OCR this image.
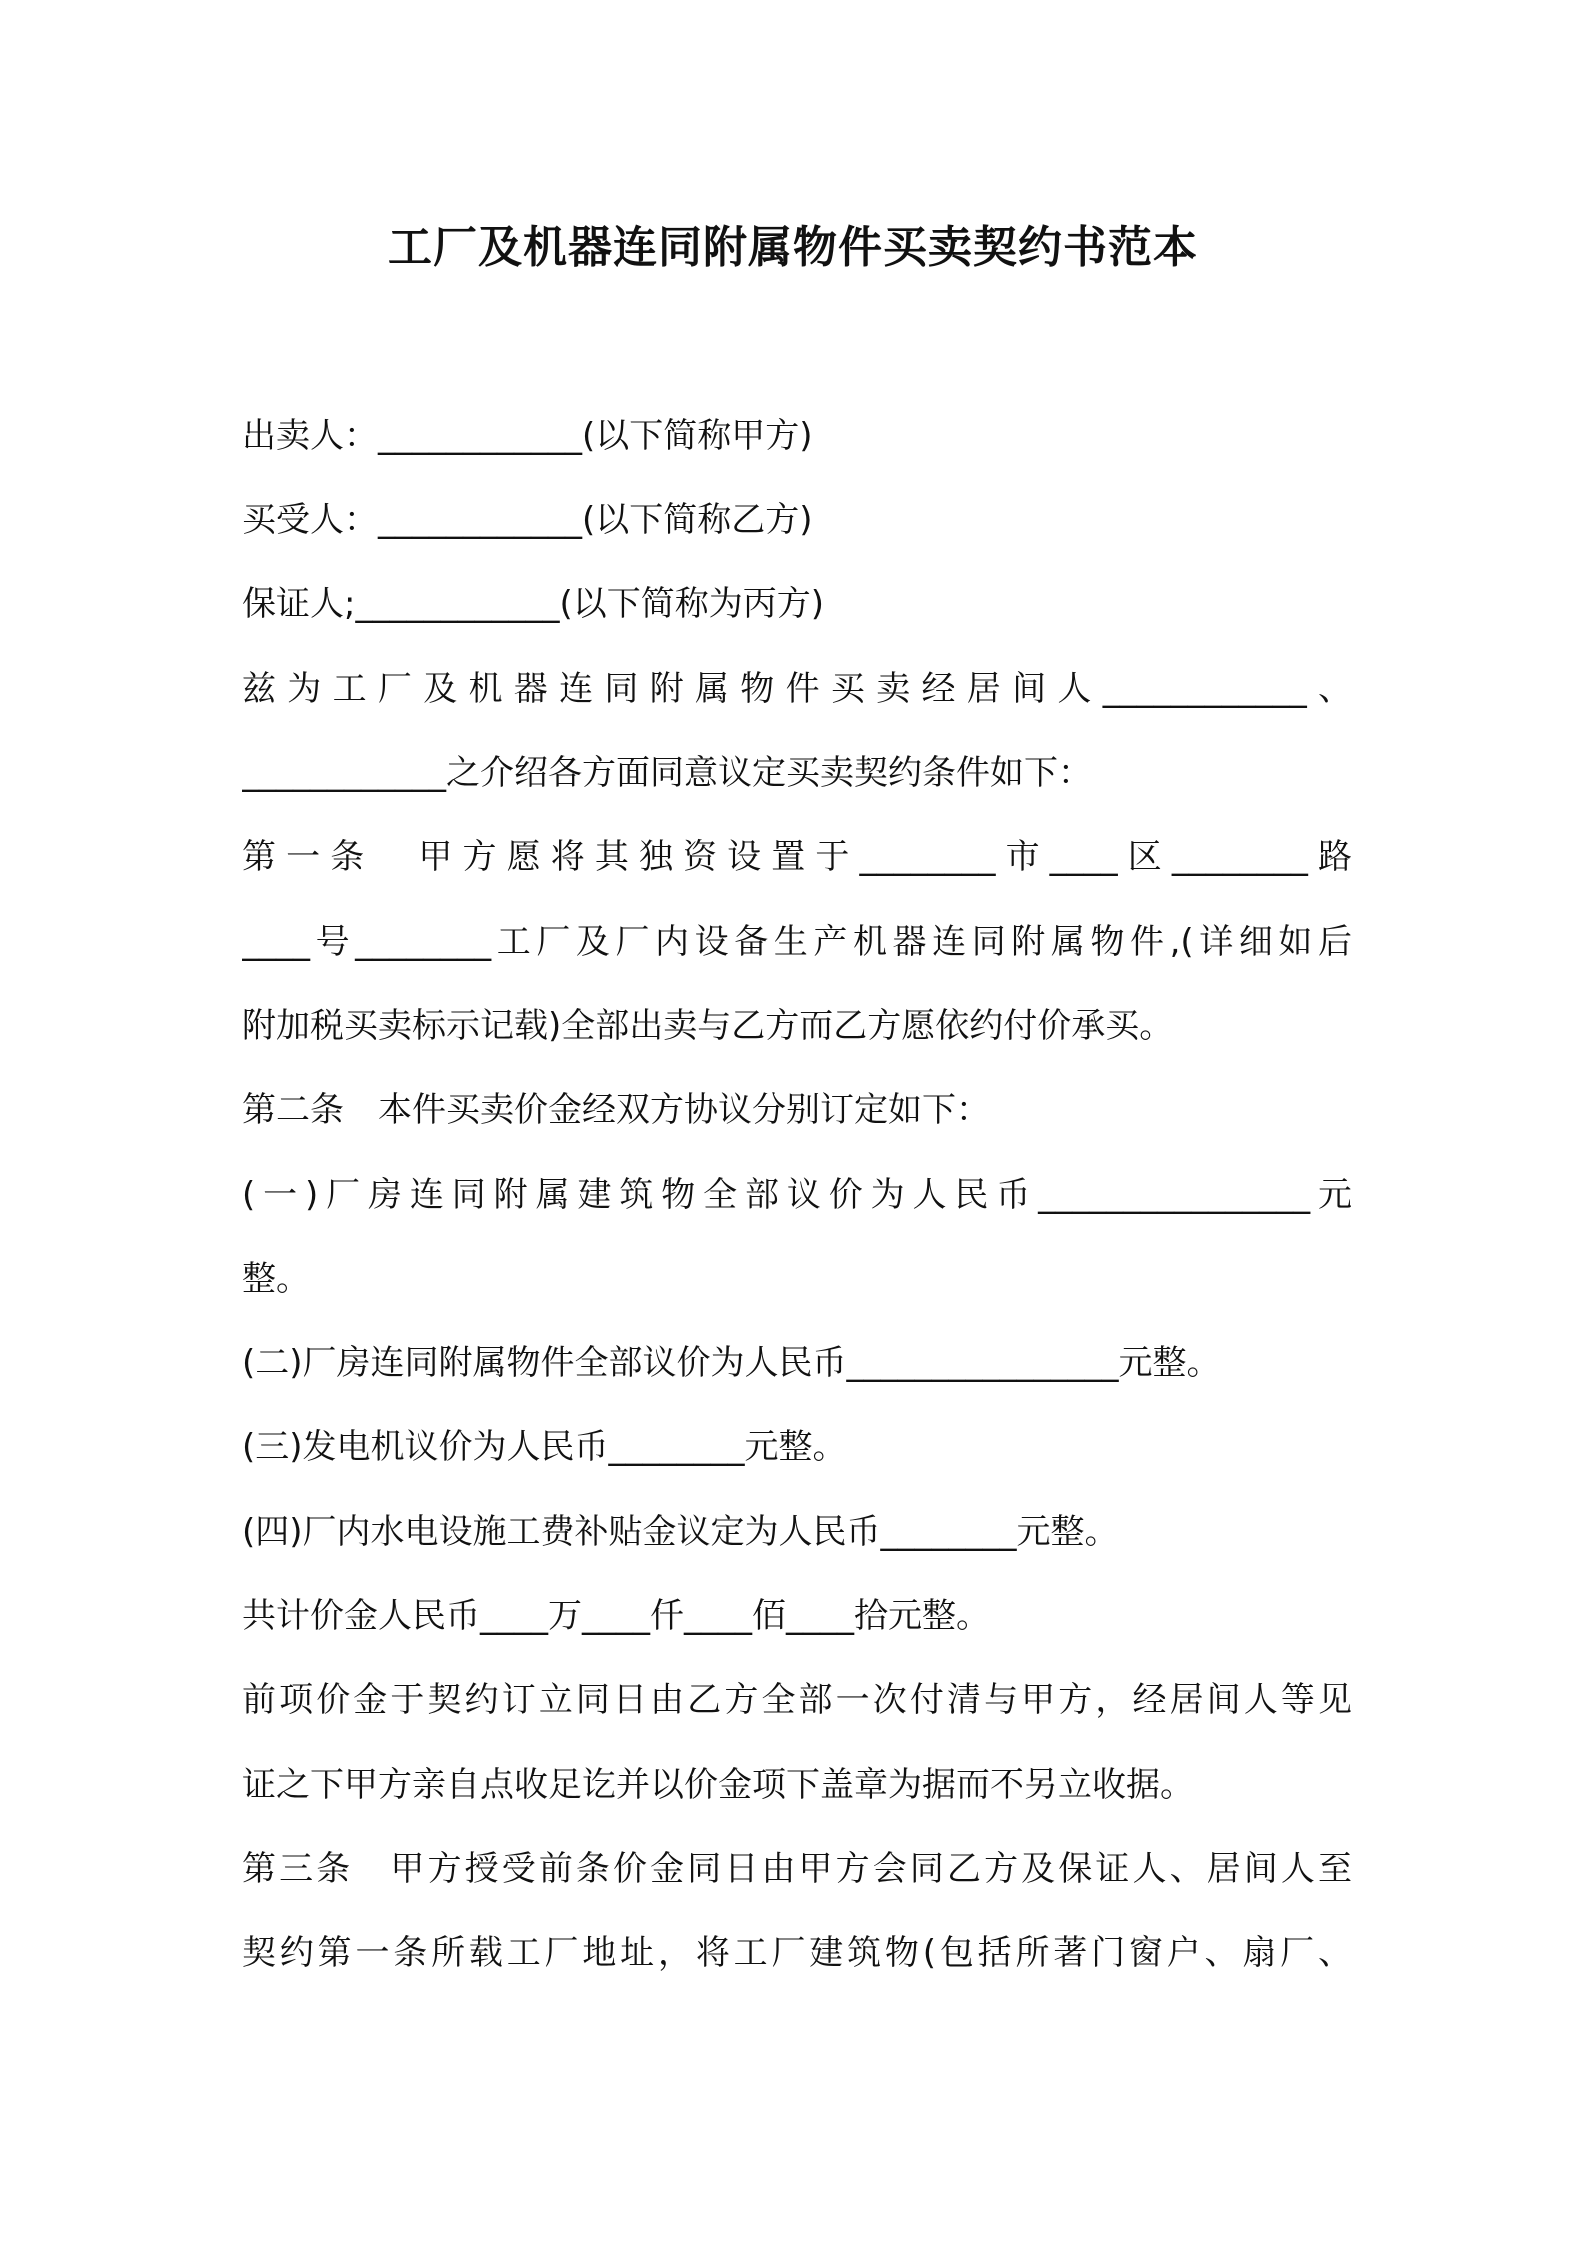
工厂及机器连同附属物件买卖契约书范本
出卖人：____________(以下简称甲方)
买受人：____________(以下简称乙方)
保证人;____________(以下简称为丙方)
兹为工厂及机器连同附属物件买卖经居间人____________、
____________之介绍各方面同意议定买卖契约条件如下：
第一条　甲方愿将其独资设置于________市____区________路
____号________工厂及厂内设备生产机器连同附属物件,(详细如后
附加税买卖标示记载)全部出卖与乙方而乙方愿依约付价承买。
第二条　本件买卖价金经双方协议分别订定如下：
(一)厂房连同附属建筑物全部议价为人民币________________元
整。
(二)厂房连同附属物件全部议价为人民币________________元整。
(三)发电机议价为人民币________元整。
(四)厂内水电设施工费补贴金议定为人民币________元整。
共计价金人民币____万____仟____佰____拾元整。
前项价金于契约订立同日由乙方全部一次付清与甲方，经居间人等见
证之下甲方亲自点收足讫并以价金项下盖章为据而不另立收据。
第三条　甲方授受前条价金同日由甲方会同乙方及保证人、居间人至
契约第一条所载工厂地址，将工厂建筑物(包括所著门窗户、扇厂、
